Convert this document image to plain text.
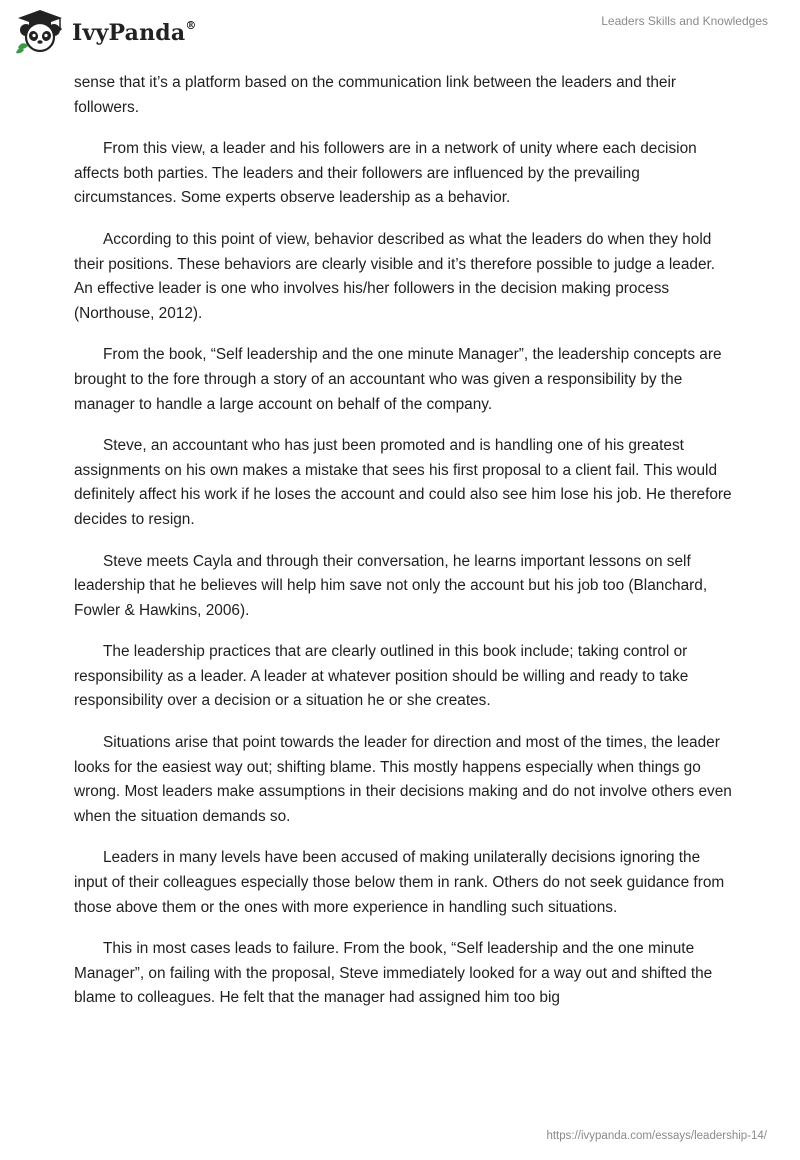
IvyPanda®	Leaders Skills and Knowledges

sense that it’s a platform based on the communication link between the leaders and their followers.

From this view, a leader and his followers are in a network of unity where each decision affects both parties. The leaders and their followers are influenced by the prevailing circumstances. Some experts observe leadership as a behavior.

According to this point of view, behavior described as what the leaders do when they hold their positions. These behaviors are clearly visible and it’s therefore possible to judge a leader. An effective leader is one who involves his/her followers in the decision making process (Northouse, 2012).

From the book, “Self leadership and the one minute Manager”, the leadership concepts are brought to the fore through a story of an accountant who was given a responsibility by the manager to handle a large account on behalf of the company.

Steve, an accountant who has just been promoted and is handling one of his greatest assignments on his own makes a mistake that sees his first proposal to a client fail. This would definitely affect his work if he loses the account and could also see him lose his job. He therefore decides to resign.

Steve meets Cayla and through their conversation, he learns important lessons on self leadership that he believes will help him save not only the account but his job too (Blanchard, Fowler & Hawkins, 2006).

The leadership practices that are clearly outlined in this book include; taking control or responsibility as a leader. A leader at whatever position should be willing and ready to take responsibility over a decision or a situation he or she creates.

Situations arise that point towards the leader for direction and most of the times, the leader looks for the easiest way out; shifting blame. This mostly happens especially when things go wrong. Most leaders make assumptions in their decisions making and do not involve others even when the situation demands so.

Leaders in many levels have been accused of making unilaterally decisions ignoring the input of their colleagues especially those below them in rank. Others do not seek guidance from those above them or the ones with more experience in handling such situations.

This in most cases leads to failure. From the book, “Self leadership and the one minute Manager”, on failing with the proposal, Steve immediately looked for a way out and shifted the blame to colleagues. He felt that the manager had assigned him too big

https://ivypanda.com/essays/leadership-14/
